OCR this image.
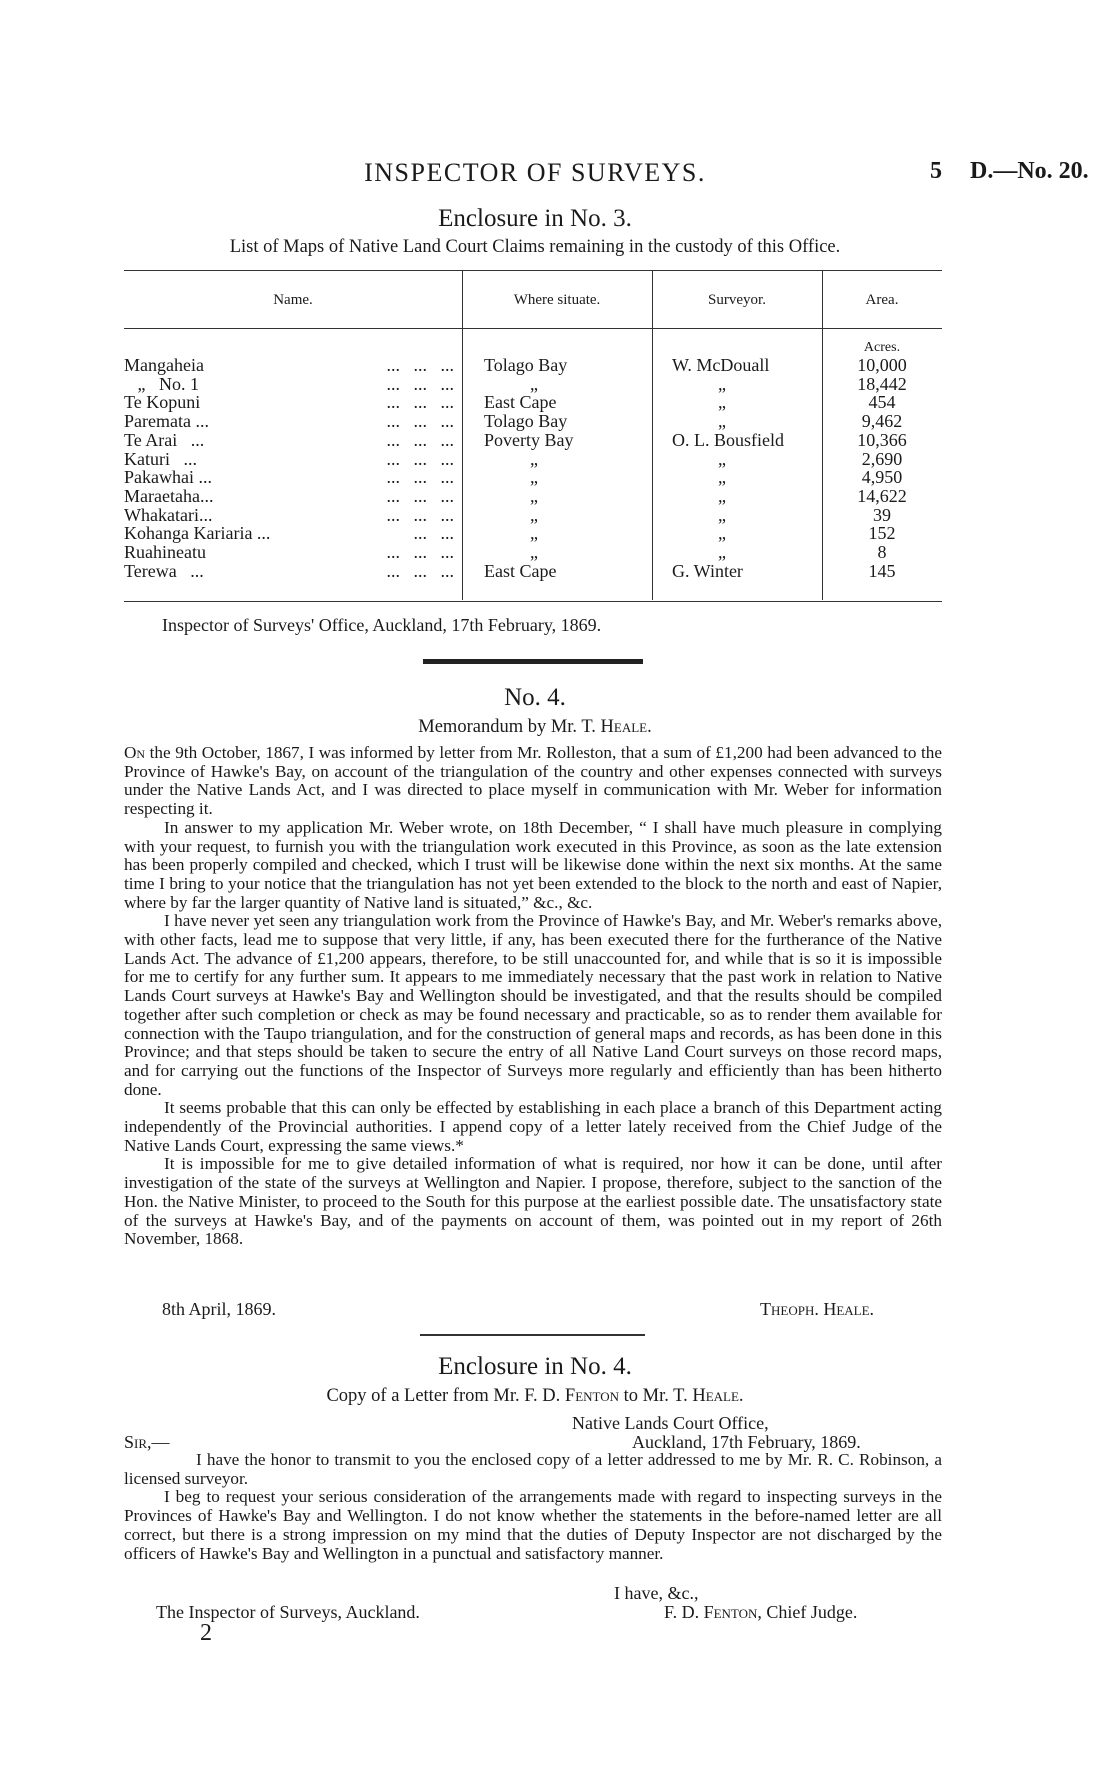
INSPECTOR OF SURVEYS.	5 D.—No. 20.
Enclosure in No. 3.
List of Maps of Native Land Court Claims remaining in the custody of this Office.
Name.	Where situate.	Surveyor.	Area.
Acres.
Mangaheia	...   ...   ... Tolago Bay	W. McDouall	10,000
„   No. 1	...   ...   ...	„	„	18,442
Te Kopuni	...   ...   ... East Cape	„	454
Paremata ...	...   ...   ... Tolago Bay	„	9,462
Te Arai   ...	...   ...   ... Poverty Bay	O. L. Bousfield	10,366
Katuri   ...	...   ...   ...	„	„	2,690
Pakawhai ...	...   ...   ...	„	„	4,950
Maraetaha...	...   ...   ...	„	„	14,622
Whakatari...	...   ...   ...	„	„	39
Kohanga Kariaria ...	...   ...	„	„	152
Ruahineatu	...   ...   ...	„	„	8
Terewa   ...	...   ...   ... East Cape	G. Winter	145
Inspector of Surveys' Office, Auckland, 17th February, 1869.
No. 4.
Memorandum by Mr. T. Heale.

On the 9th October, 1867, I was informed by letter from Mr. Rolleston, that a sum of £1,200 had been advanced to the Province of Hawke's Bay, on account of the triangulation of the country and other expenses connected with surveys under the Native Lands Act, and I was directed to place myself in communication with Mr. Weber for information respecting it.

In answer to my application Mr. Weber wrote, on 18th December, “ I shall have much pleasure in complying with your request, to furnish you with the triangulation work executed in this Province, as soon as the late extension has been properly compiled and checked, which I trust will be likewise done within the next six months. At the same time I bring to your notice that the triangulation has not yet been extended to the block to the north and east of Napier, where by far the larger quantity of Native land is situated,” &c., &c.

I have never yet seen any triangulation work from the Province of Hawke's Bay, and Mr. Weber's remarks above, with other facts, lead me to suppose that very little, if any, has been executed there for the furtherance of the Native Lands Act. The advance of £1,200 appears, therefore, to be still unaccounted for, and while that is so it is impossible for me to certify for any further sum. It appears to me immediately necessary that the past work in relation to Native Lands Court surveys at Hawke's Bay and Wellington should be investigated, and that the results should be compiled together after such completion or check as may be found necessary and practicable, so as to render them available for connection with the Taupo triangulation, and for the construction of general maps and records, as has been done in this Province; and that steps should be taken to secure the entry of all Native Land Court surveys on those record maps, and for carrying out the functions of the Inspector of Surveys more regularly and efficiently than has been hitherto done.

It seems probable that this can only be effected by establishing in each place a branch of this Department acting independently of the Provincial authorities. I append copy of a letter lately received from the Chief Judge of the Native Lands Court, expressing the same views.*

It is impossible for me to give detailed information of what is required, nor how it can be done, until after investigation of the state of the surveys at Wellington and Napier. I propose, therefore, subject to the sanction of the Hon. the Native Minister, to proceed to the South for this purpose at the earliest possible date. The unsatisfactory state of the surveys at Hawke's Bay, and of the payments on account of them, was pointed out in my report of 26th November, 1868.

8th April, 1869.	Theoph. Heale.
Enclosure in No. 4.
Copy of a Letter from Mr. F. D. Fenton to Mr. T. Heale.
Native Lands Court Office,
Auckland, 17th February, 1869.
Sir,—

I have the honor to transmit to you the enclosed copy of a letter addressed to me by Mr. R. C. Robinson, a licensed surveyor.

I beg to request your serious consideration of the arrangements made with regard to inspecting surveys in the Provinces of Hawke's Bay and Wellington. I do not know whether the statements in the before-named letter are all correct, but there is a strong impression on my mind that the duties of Deputy Inspector are not discharged by the officers of Hawke's Bay and Wellington in a punctual and satisfactory manner.

I have, &c.,
The Inspector of Surveys, Auckland.	F. D. Fenton, Chief Judge.
2
